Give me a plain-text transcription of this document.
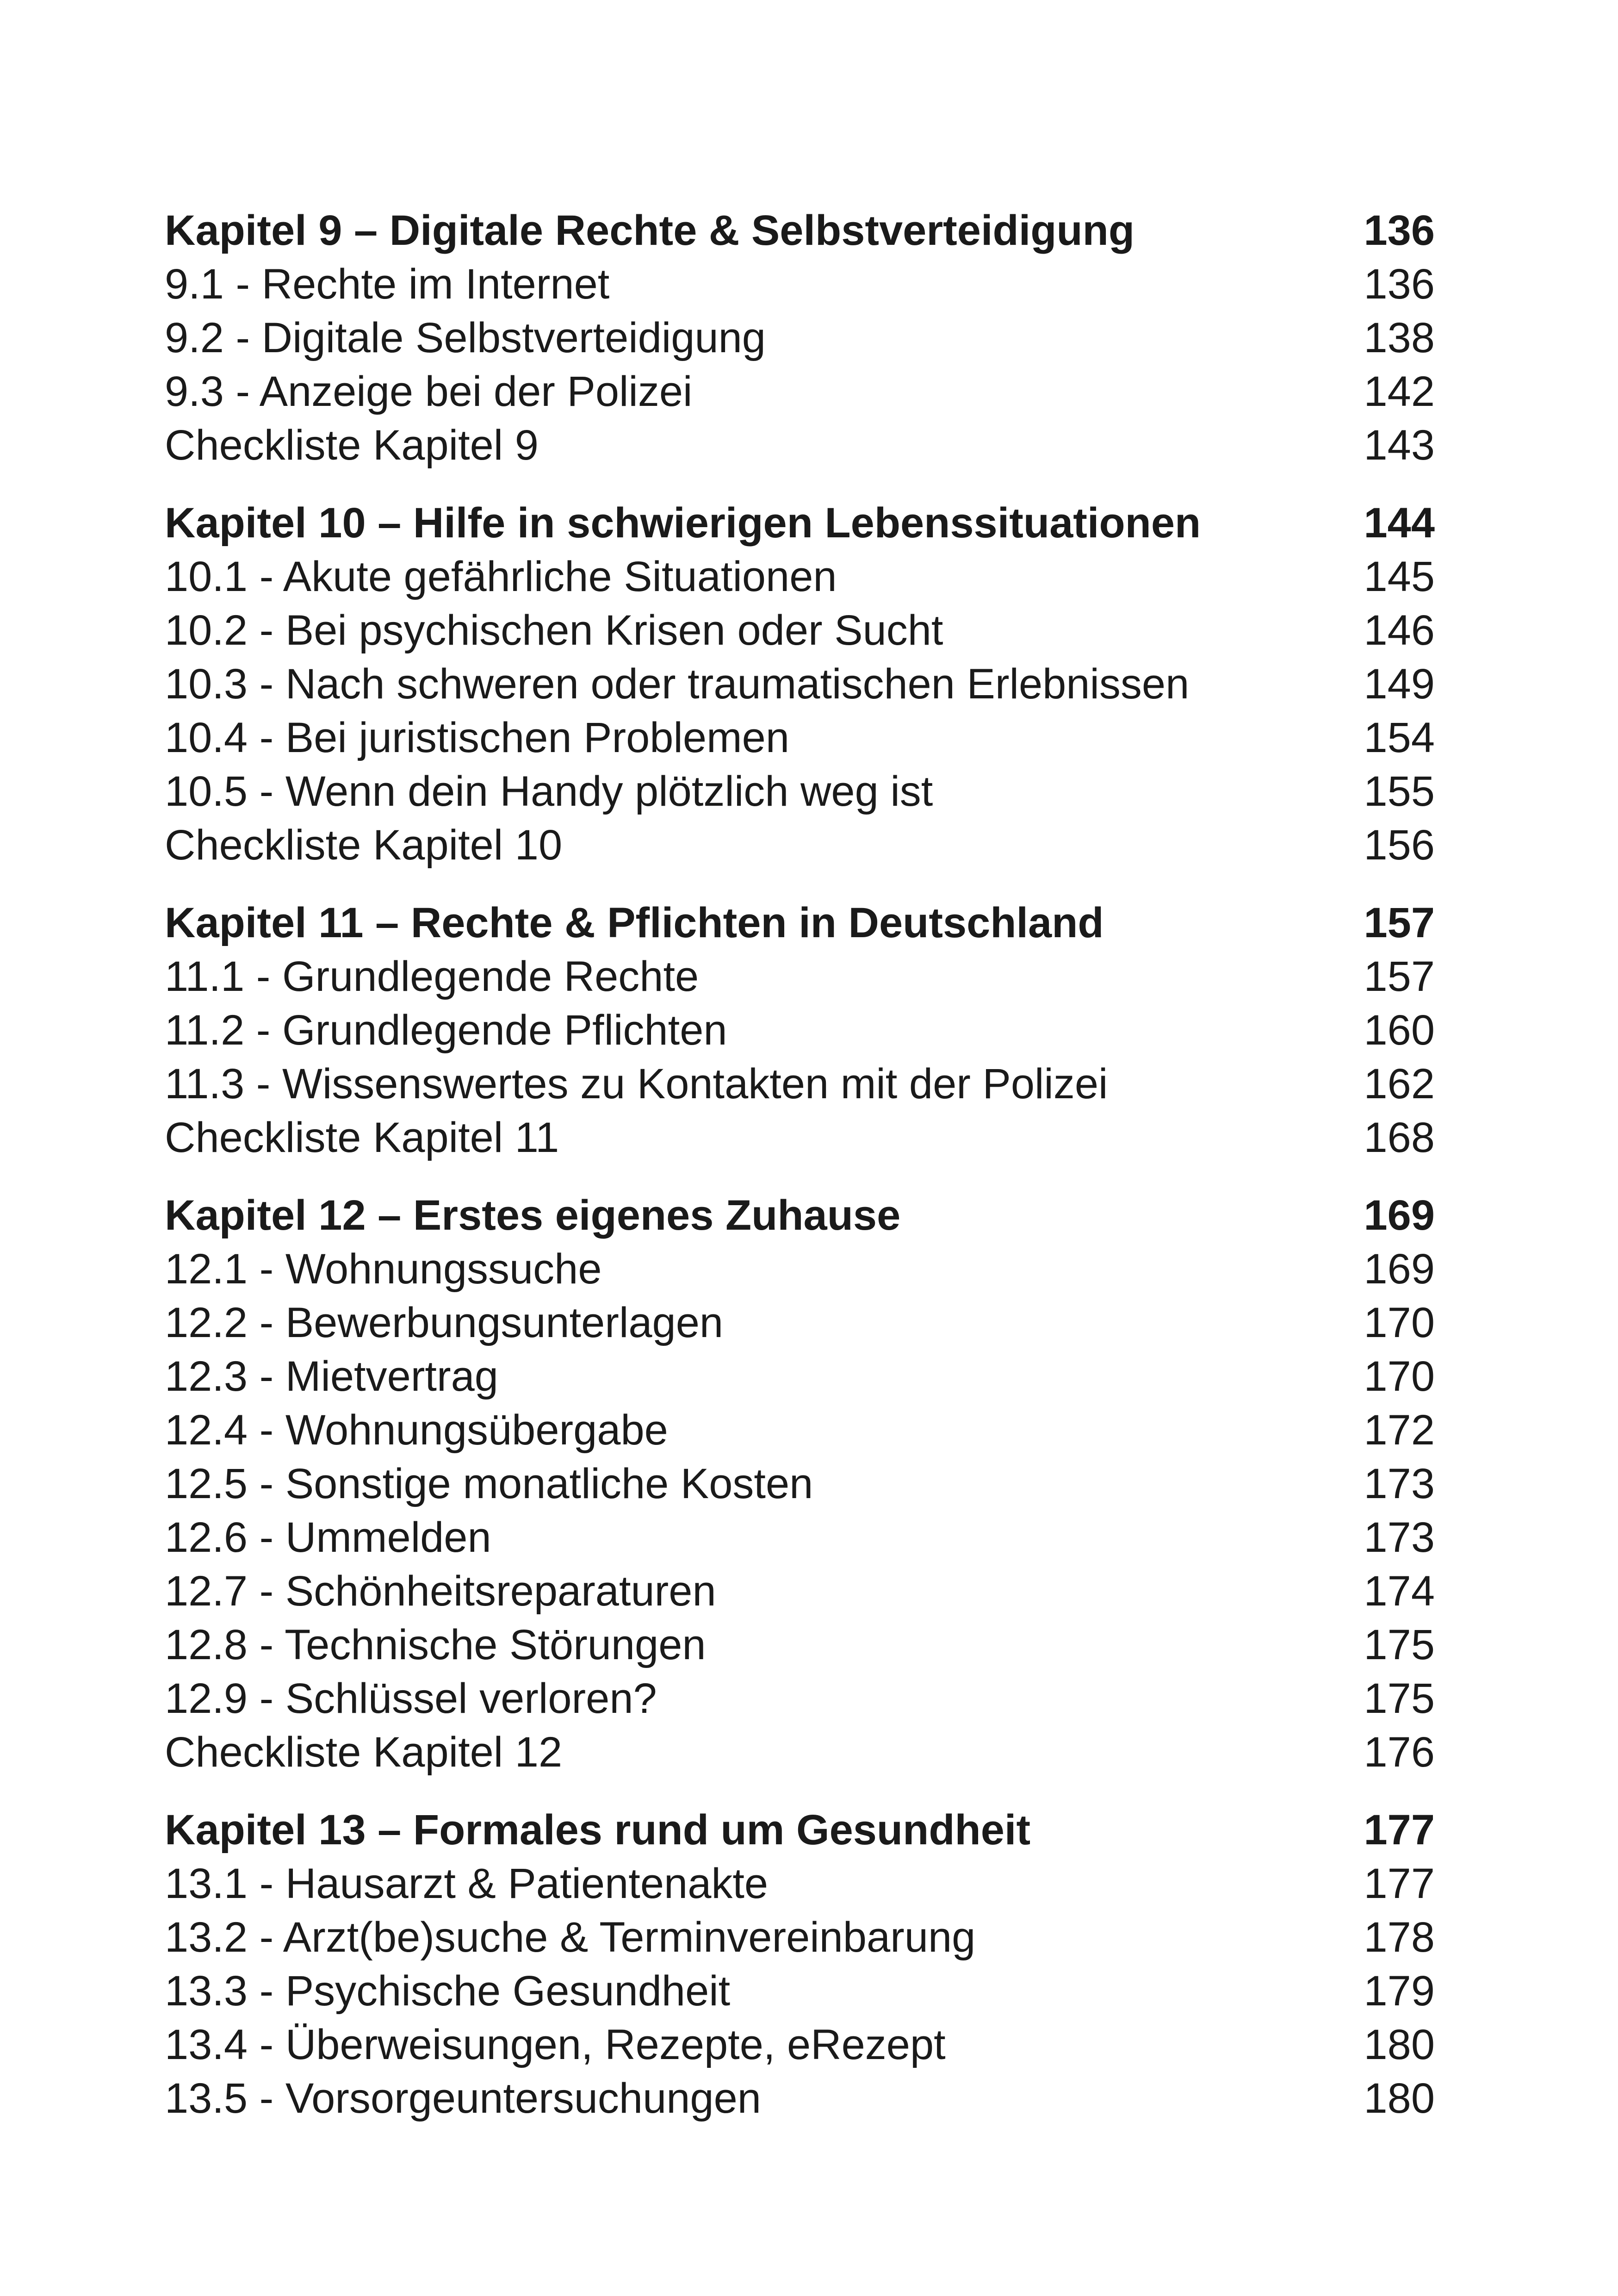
Kapitel 9 – Digitale Rechte & Selbstverteidigung	136
9.1 - Rechte im Internet	136
9.2 - Digitale Selbstverteidigung	138
9.3 - Anzeige bei der Polizei	142
Checkliste Kapitel 9	143
Kapitel 10 – Hilfe in schwierigen Lebenssituationen	144
10.1 - Akute gefährliche Situationen	145
10.2 - Bei psychischen Krisen oder Sucht	146
10.3 - Nach schweren oder traumatischen Erlebnissen	149
10.4 - Bei juristischen Problemen	154
10.5 - Wenn dein Handy plötzlich weg ist	155
Checkliste Kapitel 10	156
Kapitel 11 – Rechte & Pflichten in Deutschland	157
11.1 - Grundlegende Rechte	157
11.2 - Grundlegende Pflichten	160
11.3 - Wissenswertes zu Kontakten mit der Polizei	162
Checkliste Kapitel 11	168
Kapitel 12 – Erstes eigenes Zuhause	169
12.1 - Wohnungssuche	169
12.2 - Bewerbungsunterlagen	170
12.3 - Mietvertrag	170
12.4 - Wohnungsübergabe	172
12.5 - Sonstige monatliche Kosten	173
12.6 - Ummelden	173
12.7 - Schönheitsreparaturen	174
12.8 - Technische Störungen	175
12.9 - Schlüssel verloren?	175
Checkliste Kapitel 12	176
Kapitel 13 – Formales rund um Gesundheit	177
13.1 - Hausarzt & Patientenakte	177
13.2 - Arzt(be)suche & Terminvereinbarung	178
13.3 - Psychische Gesundheit	179
13.4 - Überweisungen, Rezepte, eRezept	180
13.5 - Vorsorgeuntersuchungen	180
